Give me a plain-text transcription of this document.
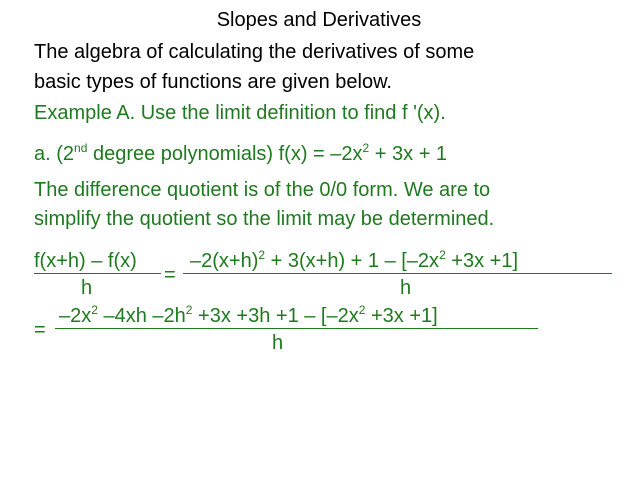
Slopes and Derivatives
The algebra of calculating the derivatives of some
basic types of functions are given below.
Example A. Use the limit definition to find f '(x).
a. (2nd degree polynomials) $f(x) = -2x^2 + 3x + 1$
The difference quotient is of the 0/0 form. We are to
simplify the quotient so the limit may be determined.
f(x+h) – f(x)
h
=
$-2(x+h)^2 + 3(x+h) + 1 - [-2x^2 +3x +1]$
h
=
$-2x^2$ –4xh $-2h^2 +3x +3h +1 - [-2x^2 +3x +1]$
h
